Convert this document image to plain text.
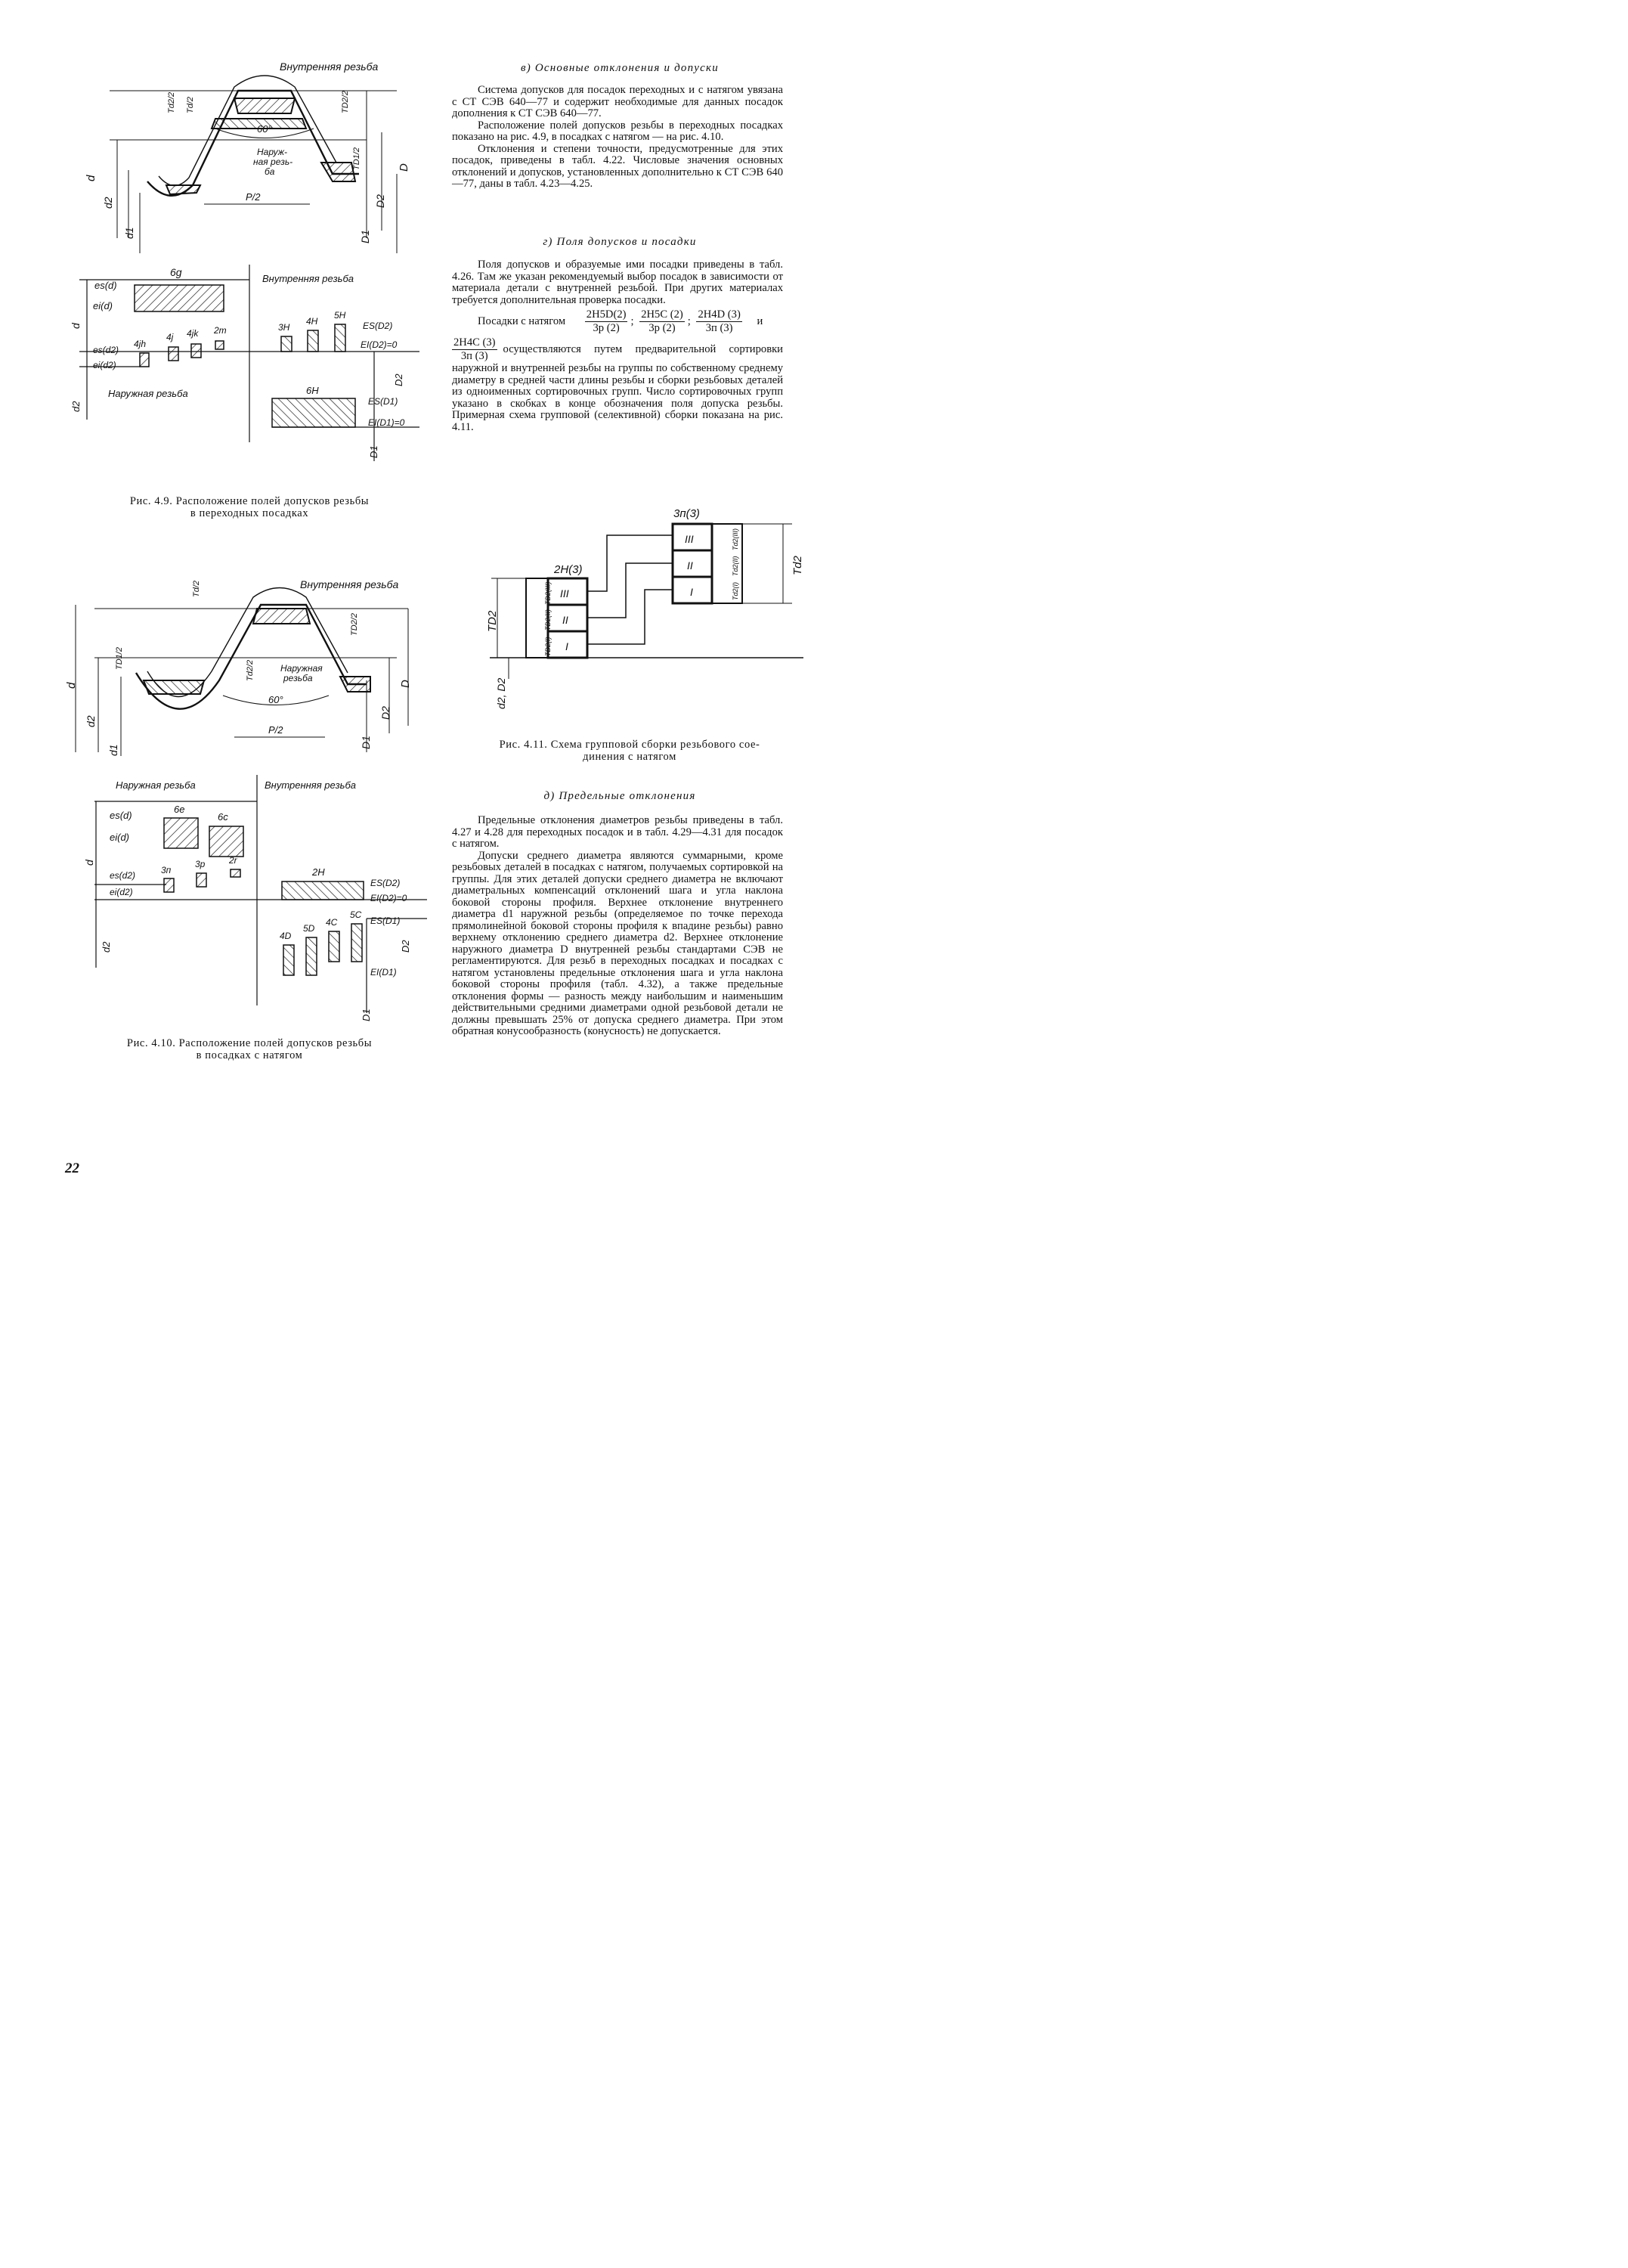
Внутренняя резьба
Наруж-
ная резь-
ба
60°
P/2
d
d2
d1
D
D2
D1
Td2/2 Td/2	TD2/2
TD1/2
6g
Внутренняя резьба
es(d)
ei(d)
d
es(d2)
ei(d2)
4jh
4j 4jk 2m	3H
4H
5H
ES(D2)
EI(D2)=0
Наружная резьба
d2
6H
ES(D1)
EI(D1)=0
D2
D1
Рис. 4.9. Расположение полей допусков резьбы
в переходных посадках
Внутренняя резьба
Наружная
резьба
60°
P/2
Td/2
Td2/2
TD2/2
TD1/2
d
d2
d1
D
D2
D1
Наружная резьба	Внутренняя резьба
es(d)
ei(d)
d
es(d2)
ei(d2)
d2
6e
6c
3п
3р	2r
2H
4D
5D
4C
5C
ES(D2)
EI(D2)=0
ES(D1)
EI(D1)
D2
D1
Рис. 4.10. Расположение полей допусков резьбы
в посадках с натягом
22
в) Основные отклонения и допуски

Система допусков для посадок переходных и с натягом увязана с СТ СЭВ 640—77 и содержит необходимые для данных посадок дополнения к СТ СЭВ 640—77.

Расположение полей допусков резьбы в переходных посадках показано на рис. 4.9, в посадках с натягом — на рис. 4.10.

Отклонения и степени точности, предусмотренные для этих посадок, приведены в табл. 4.22. Числовые значения основных отклонений и допусков, установленных дополнительно к СТ СЭВ 640—77, даны в табл. 4.23—4.25.

г) Поля допусков и посадки

Поля допусков и образуемые ими посадки приведены в табл. 4.26. Там же указан рекомендуемый выбор посадок в зависимости от материала детали с внутренней резьбой. При других материалах требуется дополнительная проверка посадки.

Посадки с натягом $\frac{2H5D(2)}{3р (2)}$ ; $\frac{2H5C (2)}{3р (2)}$ ; $\frac{2H4D (3)}{3п (3)}$ и
$\frac{2H4C (3)}{3п (3)}$ осуществляются путем предварительной сортировки наружной и внутренней резьбы на группы по собственному среднему диаметру в средней части длины резьбы и сборки резьбовых деталей из одноименных сортировочных групп. Число сортировочных групп указано в скобках в конце обозначения поля допуска резьбы. Примерная схема групповой (селективной) сборки показана на рис. 4.11.
2H(3)
3п(3)
III
II
I
III
II
I
TD2(III)
TD2(II)
TD2(I)
Td2(III)
Td2(II)
Td2(I)
TD2
Td2
d2, D2
Рис. 4.11. Схема групповой сборки резьбового сое-
динения с натягом
д) Предельные отклонения

Предельные отклонения диаметров резьбы приведены в табл. 4.27 и 4.28 для переходных посадок и в табл. 4.29—4.31 для посадок с натягом.

Допуски среднего диаметра являются суммарными, кроме резьбовых деталей в посадках с натягом, получаемых сортировкой на группы. Для этих деталей допуски среднего диаметра не включают диаметральных компенсаций отклонений шага и угла наклона боковой стороны профиля. Верхнее отклонение внутреннего диаметра d1 наружной резьбы (определяемое по точке перехода прямолинейной боковой стороны профиля к впадине резьбы) равно верхнему отклонению среднего диаметра d2. Верхнее отклонение наружного диаметра D внутренней резьбы стандартами СЭВ не регламентируются. Для резьб в переходных посадках и посадках с натягом установлены предельные отклонения шага и угла наклона боковой стороны профиля (табл. 4.32), а также предельные отклонения формы — разность между наибольшим и наименьшим действительными средними диаметрами одной резьбовой детали не должны превышать 25% от допуска среднего диаметра. При этом обратная конусообразность (конусность) не допускается.
